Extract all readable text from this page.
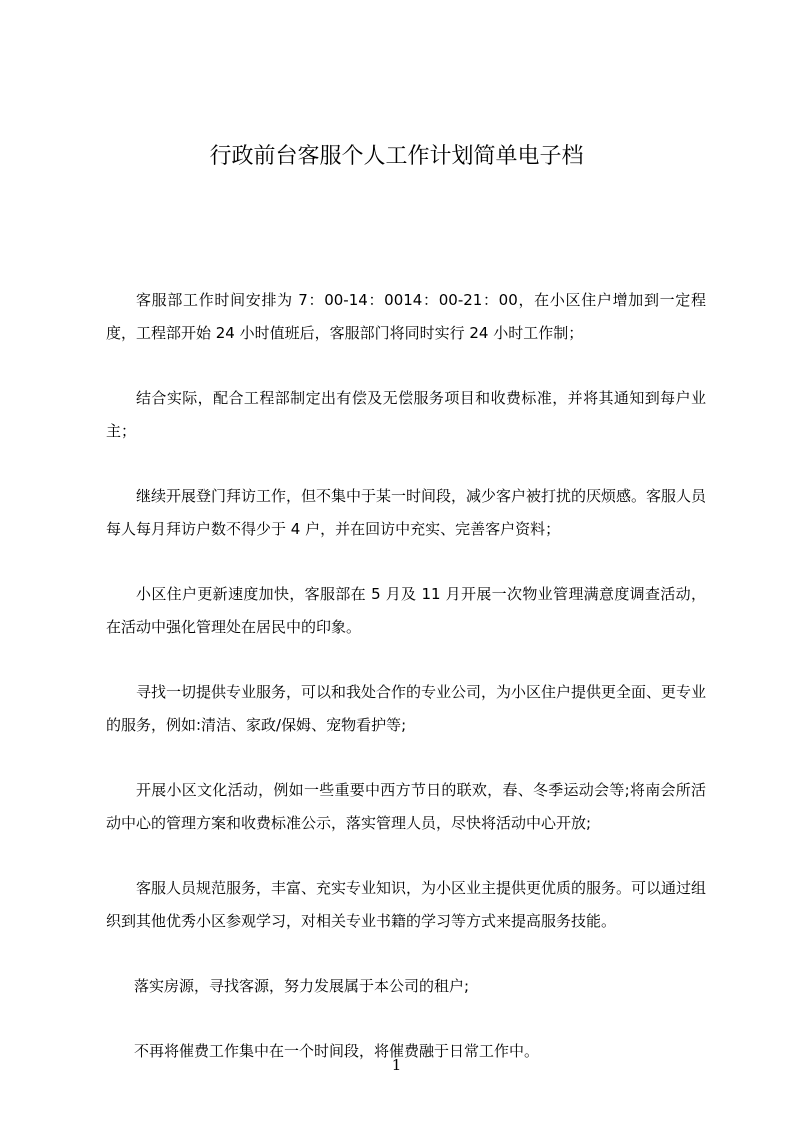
行政前台客服个人工作计划简单电子档

客服部工作时间安排为 7：00-14：0014：00-21：00，在小区住户增加到一定程度，工程部开始 24 小时值班后，客服部门将同时实行 24 小时工作制；

结合实际，配合工程部制定出有偿及无偿服务项目和收费标准，并将其通知到每户业主；

继续开展登门拜访工作，但不集中于某一时间段，减少客户被打扰的厌烦感。客服人员每人每月拜访户数不得少于 4 户，并在回访中充实、完善客户资料；

小区住户更新速度加快，客服部在 5 月及 11 月开展一次物业管理满意度调查活动，在活动中强化管理处在居民中的印象。

寻找一切提供专业服务，可以和我处合作的专业公司，为小区住户提供更全面、更专业的服务，例如:清洁、家政/保姆、宠物看护等;

开展小区文化活动，例如一些重要中西方节日的联欢，春、冬季运动会等;将南会所活动中心的管理方案和收费标准公示，落实管理人员，尽快将活动中心开放;

客服人员规范服务，丰富、充实专业知识，为小区业主提供更优质的服务。可以通过组织到其他优秀小区参观学习，对相关专业书籍的学习等方式来提高服务技能。

落实房源，寻找客源，努力发展属于本公司的租户;

不再将催费工作集中在一个时间段，将催费融于日常工作中。

1
